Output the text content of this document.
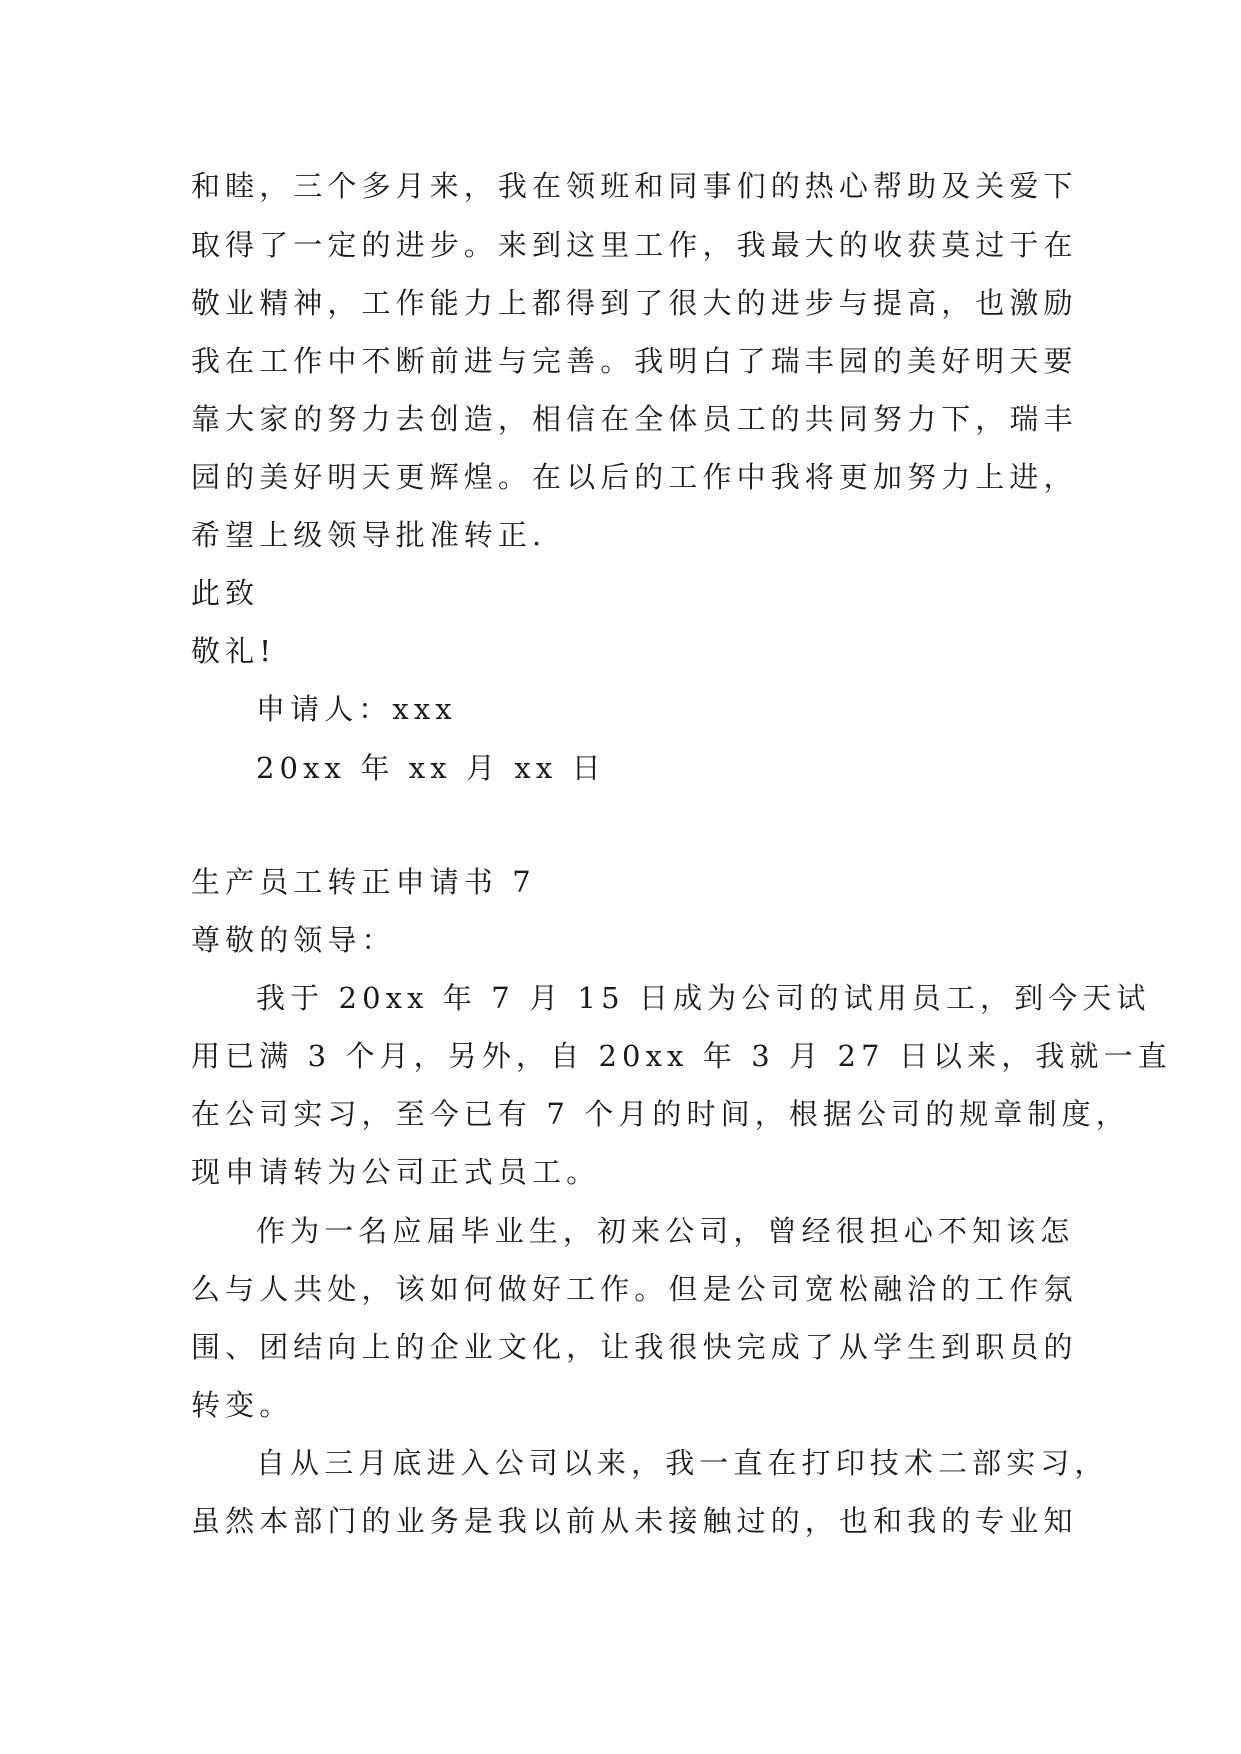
和睦，三个多月来，我在领班和同事们的热心帮助及关爱下
取得了一定的进步。来到这里工作，我最大的收获莫过于在
敬业精神，工作能力上都得到了很大的进步与提高，也激励
我在工作中不断前进与完善。我明白了瑞丰园的美好明天要
靠大家的努力去创造，相信在全体员工的共同努力下，瑞丰
园的美好明天更辉煌。在以后的工作中我将更加努力上进，
希望上级领导批准转正.
此致
敬礼!
申请人：xxx
20xx 年 xx 月 xx 日
生产员工转正申请书 7
尊敬的领导：
我于 20xx 年 7 月 15 日成为公司的试用员工，到今天试
用已满 3 个月，另外，自 20xx 年 3 月 27 日以来，我就一直
在公司实习，至今已有 7 个月的时间，根据公司的规章制度，
现申请转为公司正式员工。
作为一名应届毕业生，初来公司，曾经很担心不知该怎
么与人共处，该如何做好工作。但是公司宽松融洽的工作氛
围、团结向上的企业文化，让我很快完成了从学生到职员的
转变。
自从三月底进入公司以来，我一直在打印技术二部实习，
虽然本部门的业务是我以前从未接触过的，也和我的专业知
